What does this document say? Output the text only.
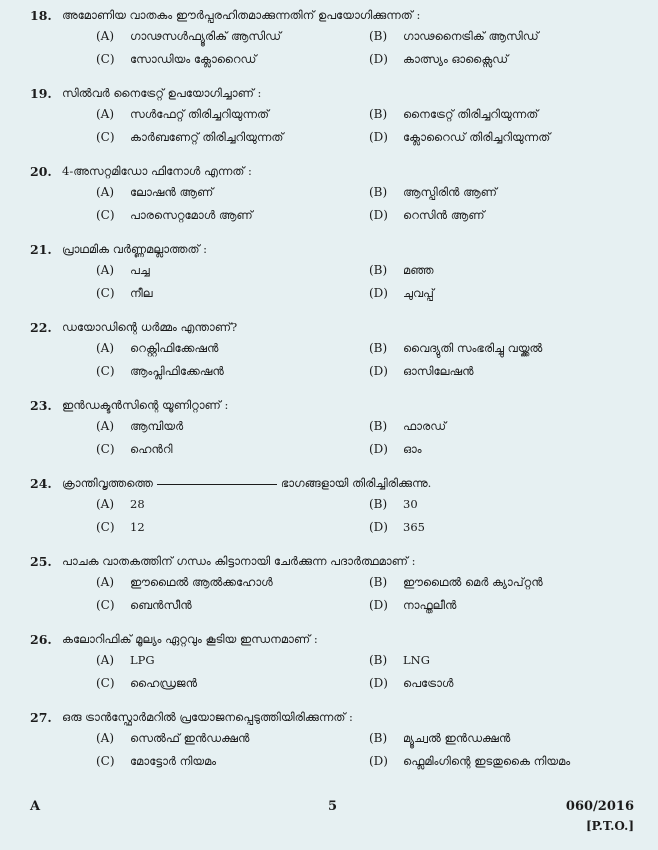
18. അമോണിയ വാതകം ഈർപ്പരഹിതമാക്കുന്നതിന് ഉപയോഗിക്കുന്നത് :
(A) ഗാഢസൾഫ്യൂരിക് ആസിഡ്	(B) ഗാഢനൈട്രിക് ആസിഡ്
(C) സോഡിയം ക്ലോറൈഡ്	(D) കാത്സ്യം ഓക്സൈഡ്
19. സിൽവർ നൈട്രേറ്റ് ഉപയോഗിച്ചാണ് :
(A) സൾഫേറ്റ് തിരിച്ചറിയുന്നത്	(B) നൈട്രേറ്റ് തിരിച്ചറിയുന്നത്
(C) കാർബണേറ്റ് തിരിച്ചറിയുന്നത്	(D) ക്ലോറൈഡ് തിരിച്ചറിയുന്നത്
20. 4-അസറ്റമിഡോ ഫിനോൾ എന്നത് :
(A) ലോഷൻ ആണ്	(B) ആസ്പിരിൻ ആണ്
(C) പാരസെറ്റമോൾ ആണ്	(D) റെസിൻ ആണ്
21. പ്രാഥമിക വർണ്ണമല്ലാത്തത് :
(A) പച്ച	(B) മഞ്ഞ
(C) നീല	(D) ചുവപ്പ്
22. ഡയോഡിന്റെ ധർമ്മം എന്താണ്?
(A) റെക്റ്റിഫിക്കേഷൻ	(B) വൈദ്യുതി സംഭരിച്ചു വയ്ക്കൽ
(C) ആംപ്ലിഫിക്കേഷൻ	(D) ഓസിലേഷൻ
23. ഇൻഡക്ടൻസിന്റെ യൂണിറ്റാണ് :
(A) ആമ്പിയർ	(B) ഫാരഡ്
(C) ഹെൻറി	(D) ഓം
24. ക്രാന്തിവൃത്തത്തെ	ഭാഗങ്ങളായി തിരിച്ചിരിക്കുന്നു.
(A) 28	(B) 30
(C) 12	(D) 365
25. പാചക വാതകത്തിന് ഗന്ധം കിട്ടാനായി ചേർക്കുന്ന പദാർത്ഥമാണ് :
(A) ഈഥൈൽ ആൽക്കഹോൾ	(B) ഈഥൈൽ മെർ ക്യാപ്റ്റൻ
(C) ബെൻസീൻ	(D) നാഫ്തലീൻ
26. കലോറിഫിക് മൂല്യം ഏറ്റവും കൂടിയ ഇന്ധനമാണ് :
(A) LPG	(B) LNG
(C) ഹൈഡ്രജൻ	(D) പെട്രോൾ
27. ഒരു ട്രാൻസ്ഫോർമറിൽ പ്രയോജനപ്പെടുത്തിയിരിക്കുന്നത് :
(A) സെൽഫ് ഇൻഡക്ഷൻ	(B) മ്യൂച്വൽ ഇൻഡക്ഷൻ
(C) മോട്ടോർ നിയമം	(D) ഫ്ലെമിംഗിന്റെ ഇടതുകൈ നിയമം
A	5	060/2016
[P.T.O.]
